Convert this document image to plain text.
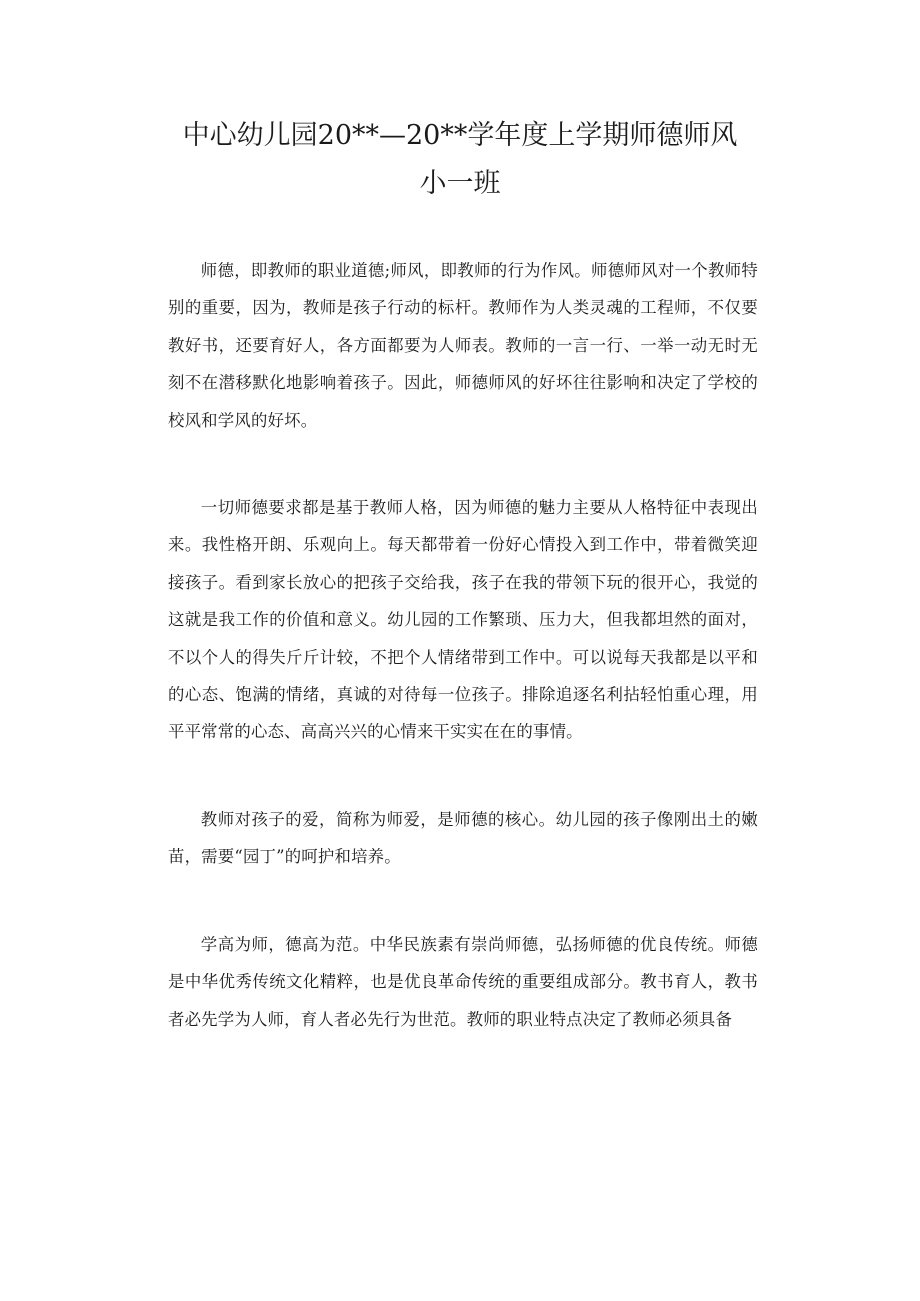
中心幼儿园20**—20**学年度上学期师德师风
小一班

师德，即教师的职业道德;师风，即教师的行为作风。师德师风对一个教师特别的重要，因为，教师是孩子行动的标杆。教师作为人类灵魂的工程师，不仅要教好书，还要育好人，各方面都要为人师表。教师的一言一行、一举一动无时无刻不在潜移默化地影响着孩子。因此，师德师风的好坏往往影响和决定了学校的校风和学风的好坏。

一切师德要求都是基于教师人格，因为师德的魅力主要从人格特征中表现出来。我性格开朗、乐观向上。每天都带着一份好心情投入到工作中，带着微笑迎接孩子。看到家长放心的把孩子交给我，孩子在我的带领下玩的很开心，我觉的这就是我工作的价值和意义。幼儿园的工作繁琐、压力大，但我都坦然的面对，不以个人的得失斤斤计较，不把个人情绪带到工作中。可以说每天我都是以平和的心态、饱满的情绪，真诚的对待每一位孩子。排除追逐名利拈轻怕重心理，用平平常常的心态、高高兴兴的心情来干实实在在的事情。

教师对孩子的爱，简称为师爱，是师德的核心。幼儿园的孩子像刚出土的嫩苗，需要“园丁”的呵护和培养。

学高为师，德高为范。中华民族素有崇尚师德，弘扬师德的优良传统。师德是中华优秀传统文化精粹，也是优良革命传统的重要组成部分。教书育人，教书者必先学为人师，育人者必先行为世范。教师的职业特点决定了教师必须具备
